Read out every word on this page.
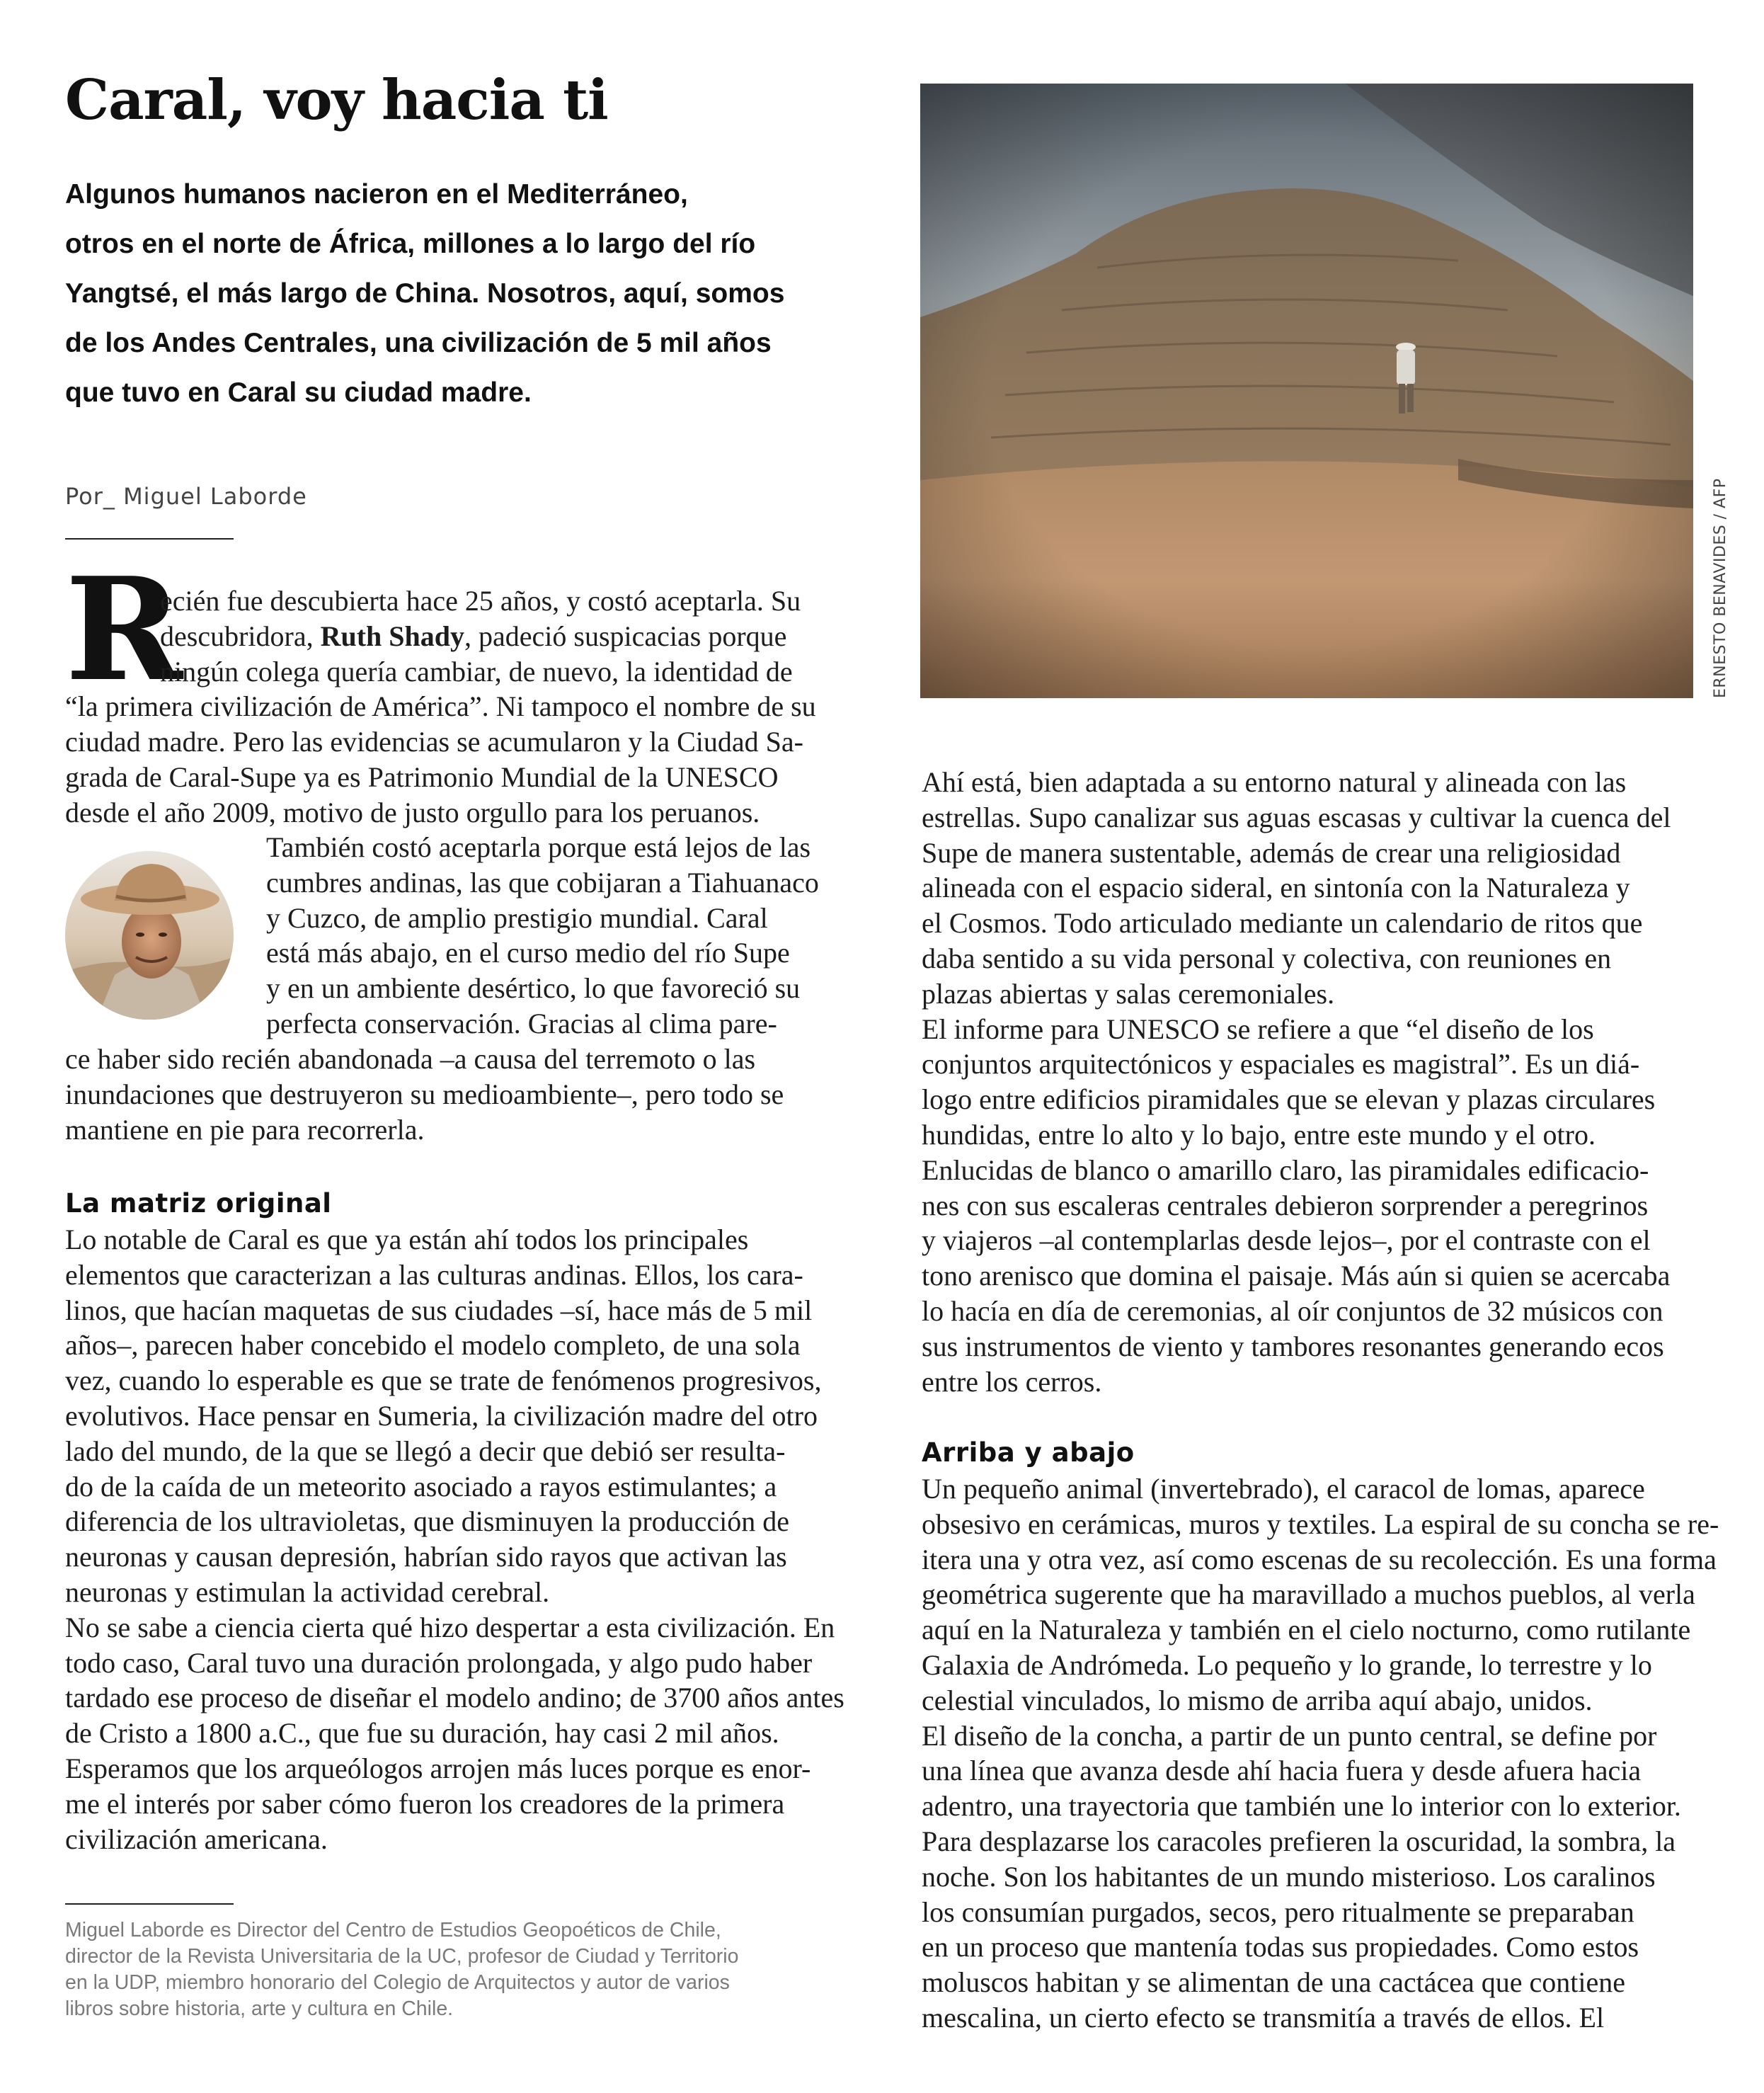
Caral, voy hacia ti
Algunos humanos nacieron en el Mediterráneo,
otros en el norte de África, millones a lo largo del río
Yangtsé, el más largo de China. Nosotros, aquí, somos
de los Andes Centrales, una civilización de 5 mil años
que tuvo en Caral su ciudad madre.
Por_ Miguel Laborde
R
ecién fue descubierta hace 25 años, y costó aceptarla. Su
descubridora, Ruth Shady, padeció suspicacias porque
ningún colega quería cambiar, de nuevo, la identidad de
“la primera civilización de América”. Ni tampoco el nombre de su
ciudad madre. Pero las evidencias se acumularon y la Ciudad Sa-
grada de Caral-Supe ya es Patrimonio Mundial de la UNESCO
desde el año 2009, motivo de justo orgullo para los peruanos.
También costó aceptarla porque está lejos de las
cumbres andinas, las que cobijaran a Tiahuanaco
y Cuzco, de amplio prestigio mundial. Caral
está más abajo, en el curso medio del río Supe
y en un ambiente desértico, lo que favoreció su
perfecta conservación. Gracias al clima pare-
ce haber sido recién abandonada –a causa del terremoto o las
inundaciones que destruyeron su medioambiente–, pero todo se
mantiene en pie para recorrerla.
La matriz original
Lo notable de Caral es que ya están ahí todos los principales
elementos que caracterizan a las culturas andinas. Ellos, los cara-
linos, que hacían maquetas de sus ciudades –sí, hace más de 5 mil
años–, parecen haber concebido el modelo completo, de una sola
vez, cuando lo esperable es que se trate de fenómenos progresivos,
evolutivos. Hace pensar en Sumeria, la civilización madre del otro
lado del mundo, de la que se llegó a decir que debió ser resulta-
do de la caída de un meteorito asociado a rayos estimulantes; a
diferencia de los ultravioletas, que disminuyen la producción de
neuronas y causan depresión, habrían sido rayos que activan las
neuronas y estimulan la actividad cerebral.
No se sabe a ciencia cierta qué hizo despertar a esta civilización. En
todo caso, Caral tuvo una duración prolongada, y algo pudo haber
tardado ese proceso de diseñar el modelo andino; de 3700 años antes
de Cristo a 1800 a.C., que fue su duración, hay casi 2 mil años.
Esperamos que los arqueólogos arrojen más luces porque es enor-
me el interés por saber cómo fueron los creadores de la primera
civilización americana.
Miguel Laborde es Director del Centro de Estudios Geopoéticos de Chile,
director de la Revista Universitaria de la UC, profesor de Ciudad y Territorio
en la UDP, miembro honorario del Colegio de Arquitectos y autor de varios
libros sobre historia, arte y cultura en Chile.
ERNESTO BENAVIDES / AFP
Ahí está, bien adaptada a su entorno natural y alineada con las
estrellas. Supo canalizar sus aguas escasas y cultivar la cuenca del
Supe de manera sustentable, además de crear una religiosidad
alineada con el espacio sideral, en sintonía con la Naturaleza y
el Cosmos. Todo articulado mediante un calendario de ritos que
daba sentido a su vida personal y colectiva, con reuniones en
plazas abiertas y salas ceremoniales.
El informe para UNESCO se refiere a que “el diseño de los
conjuntos arquitectónicos y espaciales es magistral”. Es un diá-
logo entre edificios piramidales que se elevan y plazas circulares
hundidas, entre lo alto y lo bajo, entre este mundo y el otro.
Enlucidas de blanco o amarillo claro, las piramidales edificacio-
nes con sus escaleras centrales debieron sorprender a peregrinos
y viajeros –al contemplarlas desde lejos–, por el contraste con el
tono arenisco que domina el paisaje. Más aún si quien se acercaba
lo hacía en día de ceremonias, al oír conjuntos de 32 músicos con
sus instrumentos de viento y tambores resonantes generando ecos
entre los cerros.
Arriba y abajo
Un pequeño animal (invertebrado), el caracol de lomas, aparece
obsesivo en cerámicas, muros y textiles. La espiral de su concha se re-
itera una y otra vez, así como escenas de su recolección. Es una forma
geométrica sugerente que ha maravillado a muchos pueblos, al verla
aquí en la Naturaleza y también en el cielo nocturno, como rutilante
Galaxia de Andrómeda. Lo pequeño y lo grande, lo terrestre y lo
celestial vinculados, lo mismo de arriba aquí abajo, unidos.
El diseño de la concha, a partir de un punto central, se define por
una línea que avanza desde ahí hacia fuera y desde afuera hacia
adentro, una trayectoria que también une lo interior con lo exterior.
Para desplazarse los caracoles prefieren la oscuridad, la sombra, la
noche. Son los habitantes de un mundo misterioso. Los caralinos
los consumían purgados, secos, pero ritualmente se preparaban
en un proceso que mantenía todas sus propiedades. Como estos
moluscos habitan y se alimentan de una cactácea que contiene
mescalina, un cierto efecto se transmitía a través de ellos. El
